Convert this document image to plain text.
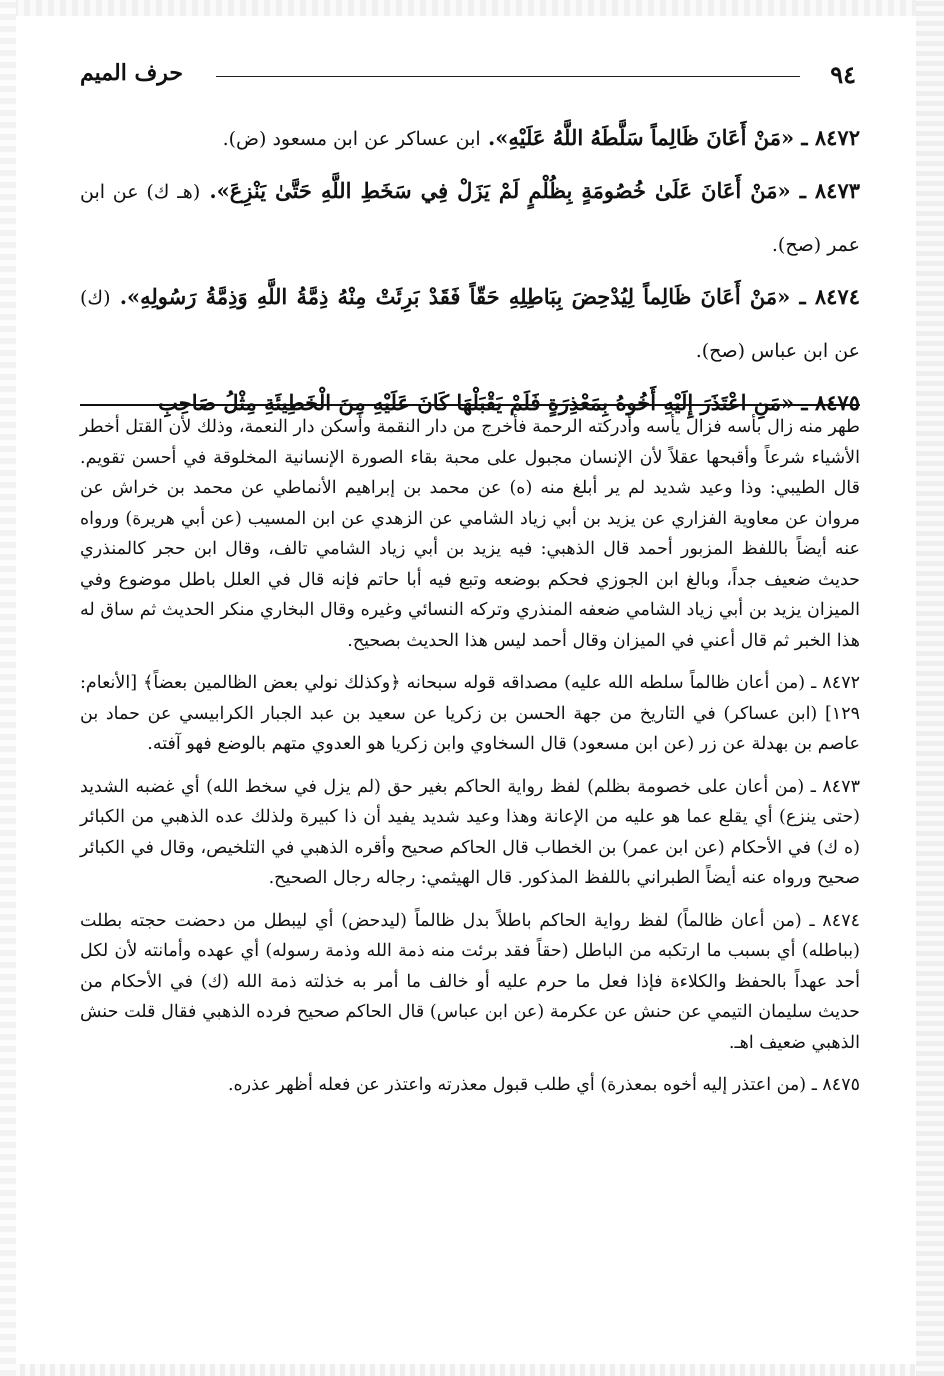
٩٤
حرف الميم

٨٤٧٢ ـ «مَنْ أَعَانَ ظَالِماً سَلَّطَهُ اللَّهُ عَلَيْهِ». ابن عساكر عن ابن مسعود (ض).

٨٤٧٣ ـ «مَنْ أَعَانَ عَلَىٰ خُصُومَةٍ بِظُلْمٍ لَمْ يَزَلْ فِي سَخَطِ اللَّهِ حَتَّىٰ يَنْزِعَ». (هـ ك) عن ابن عمر (صح).

٨٤٧٤ ـ «مَنْ أَعَانَ ظَالِماً لِيُدْحِضَ بِبَاطِلِهِ حَقّاً فَقَدْ بَرِئَتْ مِنْهُ ذِمَّةُ اللَّهِ وَذِمَّةُ رَسُولِهِ». (ك) عن ابن عباس (صح).

٨٤٧٥ ـ «مَنِ اعْتَذَرَ إِلَيْهِ أَخُوهُ بِمَعْذِرَةٍ فَلَمْ يَقْبَلْهَا كَانَ عَلَيْهِ مِنَ الْخَطِيئَةِ مِثْلُ صَاحِبِ

طهر منه زال بأسه فزال يأسه وأدركته الرحمة فأخرج من دار النقمة وأسكن دار النعمة، وذلك لأن القتل أخطر الأشياء شرعاً وأقبحها عقلاً لأن الإنسان مجبول على محبة بقاء الصورة الإنسانية المخلوقة في أحسن تقويم. قال الطيبي: وذا وعيد شديد لم ير أبلغ منه (ه) عن محمد بن إبراهيم الأنماطي عن محمد بن خراش عن مروان عن معاوية الفزاري عن يزيد بن أبي زياد الشامي عن الزهدي عن ابن المسيب (عن أبي هريرة) ورواه عنه أيضاً باللفظ المزبور أحمد قال الذهبي: فيه يزيد بن أبي زياد الشامي تالف، وقال ابن حجر كالمنذري حديث ضعيف جداً، وبالغ ابن الجوزي فحكم بوضعه وتبع فيه أبا حاتم فإنه قال في العلل باطل موضوع وفي الميزان يزيد بن أبي زياد الشامي ضعفه المنذري وتركه النسائي وغيره وقال البخاري منكر الحديث ثم ساق له هذا الخبر ثم قال أعني في الميزان وقال أحمد ليس هذا الحديث بصحيح.

٨٤٧٢ ـ (من أعان ظالماً سلطه الله عليه) مصداقه قوله سبحانه ﴿وكذلك نولي بعض الظالمين بعضاً﴾ [الأنعام: ١٢٩] (ابن عساكر) في التاريخ من جهة الحسن بن زكريا عن سعيد بن عبد الجبار الكرابيسي عن حماد بن عاصم بن بهدلة عن زر (عن ابن مسعود) قال السخاوي وابن زكريا هو العدوي متهم بالوضع فهو آفته.

٨٤٧٣ ـ (من أعان على خصومة بظلم) لفظ رواية الحاكم بغير حق (لم يزل في سخط الله) أي غضبه الشديد (حتى ينزع) أي يقلع عما هو عليه من الإعانة وهذا وعيد شديد يفيد أن ذا كبيرة ولذلك عده الذهبي من الكبائر (ه ك) في الأحكام (عن ابن عمر) بن الخطاب قال الحاكم صحيح وأقره الذهبي في التلخيص، وقال في الكبائر صحيح ورواه عنه أيضاً الطبراني باللفظ المذكور. قال الهيثمي: رجاله رجال الصحيح.

٨٤٧٤ ـ (من أعان ظالماً) لفظ رواية الحاكم باطلاً بدل ظالماً (ليدحض) أي ليبطل من دحضت حجته بطلت (بباطله) أي بسبب ما ارتكبه من الباطل (حقاً فقد برئت منه ذمة الله وذمة رسوله) أي عهده وأمانته لأن لكل أحد عهداً بالحفظ والكلاءة فإذا فعل ما حرم عليه أو خالف ما أمر به خذلته ذمة الله (ك) في الأحكام من حديث سليمان التيمي عن حنش عن عكرمة (عن ابن عباس) قال الحاكم صحيح فرده الذهبي فقال قلت حنش الذهبي ضعيف اهـ.

٨٤٧٥ ـ (من اعتذر إليه أخوه بمعذرة) أي طلب قبول معذرته واعتذر عن فعله أظهر عذره.
